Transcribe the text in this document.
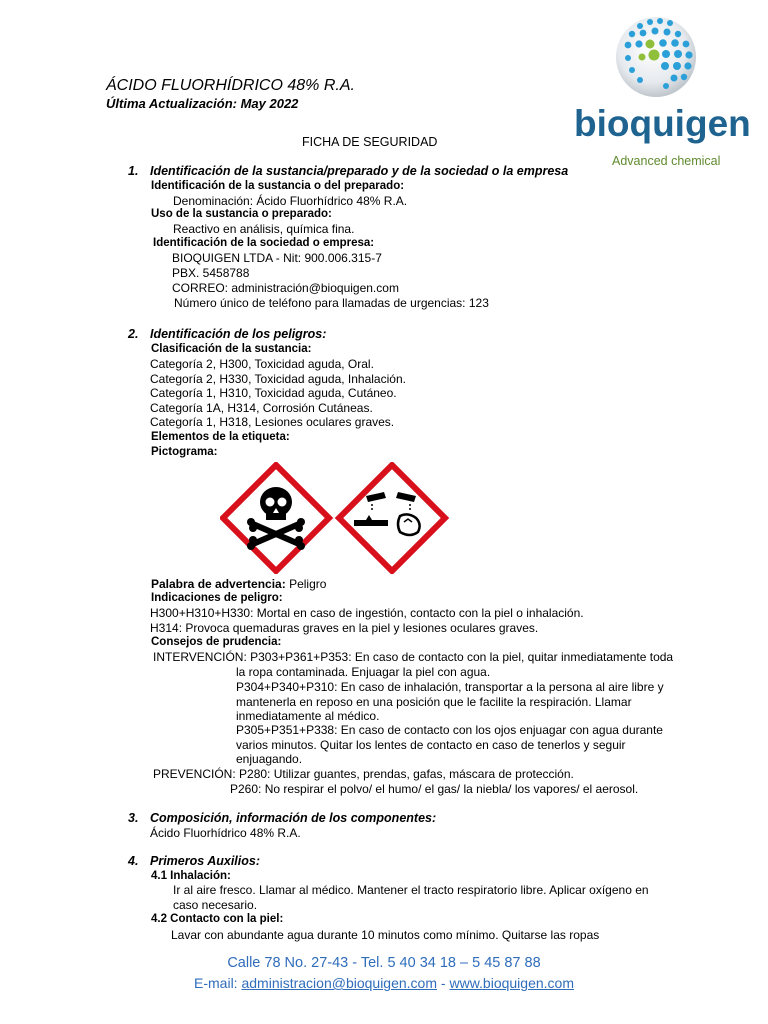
bioquigen
Advanced chemical
ÁCIDO FLUORHÍDRICO 48% R.A.
Última Actualización: May 2022
FICHA DE SEGURIDAD
1. Identificación de la sustancia/preparado y de la sociedad o la empresa
Identificación de la sustancia o del preparado:
Denominación: Ácido Fluorhídrico 48% R.A.
Uso de la sustancia o preparado:
Reactivo en análisis, química fina.
Identificación de la sociedad o empresa:
BIOQUIGEN LTDA - Nit: 900.006.315-7
PBX. 5458788
CORREO: administración@bioquigen.com
Número único de teléfono para llamadas de urgencias: 123
2. Identificación de los peligros:
Clasificación de la sustancia:
Categoría 2, H300, Toxicidad aguda, Oral.
Categoría 2, H330, Toxicidad aguda, Inhalación.
Categoría 1, H310, Toxicidad aguda, Cutáneo.
Categoría 1A, H314, Corrosión Cutáneas.
Categoría 1, H318, Lesiones oculares graves.
Elementos de la etiqueta:
Pictograma:
Palabra de advertencia: Peligro
Indicaciones de peligro:
H300+H310+H330: Mortal en caso de ingestión, contacto con la piel o inhalación.
H314: Provoca quemaduras graves en la piel y lesiones oculares graves.
Consejos de prudencia:
INTERVENCIÓN: P303+P361+P353: En caso de contacto con la piel, quitar inmediatamente toda
la ropa contaminada. Enjuagar la piel con agua.
P304+P340+P310: En caso de inhalación, transportar a la persona al aire libre y
mantenerla en reposo en una posición que le facilite la respiración. Llamar
inmediatamente al médico.
P305+P351+P338: En caso de contacto con los ojos enjuagar con agua durante
varios minutos. Quitar los lentes de contacto en caso de tenerlos y seguir
enjuagando.
PREVENCIÓN: P280: Utilizar guantes, prendas, gafas, máscara de protección.
P260: No respirar el polvo/ el humo/ el gas/ la niebla/ los vapores/ el aerosol.
3. Composición, información de los componentes:
Ácido Fluorhídrico 48% R.A.
4. Primeros Auxilios:
4.1 Inhalación:
Ir al aire fresco. Llamar al médico. Mantener el tracto respiratorio libre. Aplicar oxígeno en
caso necesario.
4.2 Contacto con la piel:
Lavar con abundante agua durante 10 minutos como mínimo. Quitarse las ropas
Calle 78 No. 27-43 - Tel. 5 40 34 18 – 5 45 87 88
E-mail: administracion@bioquigen.com - www.bioquigen.com
